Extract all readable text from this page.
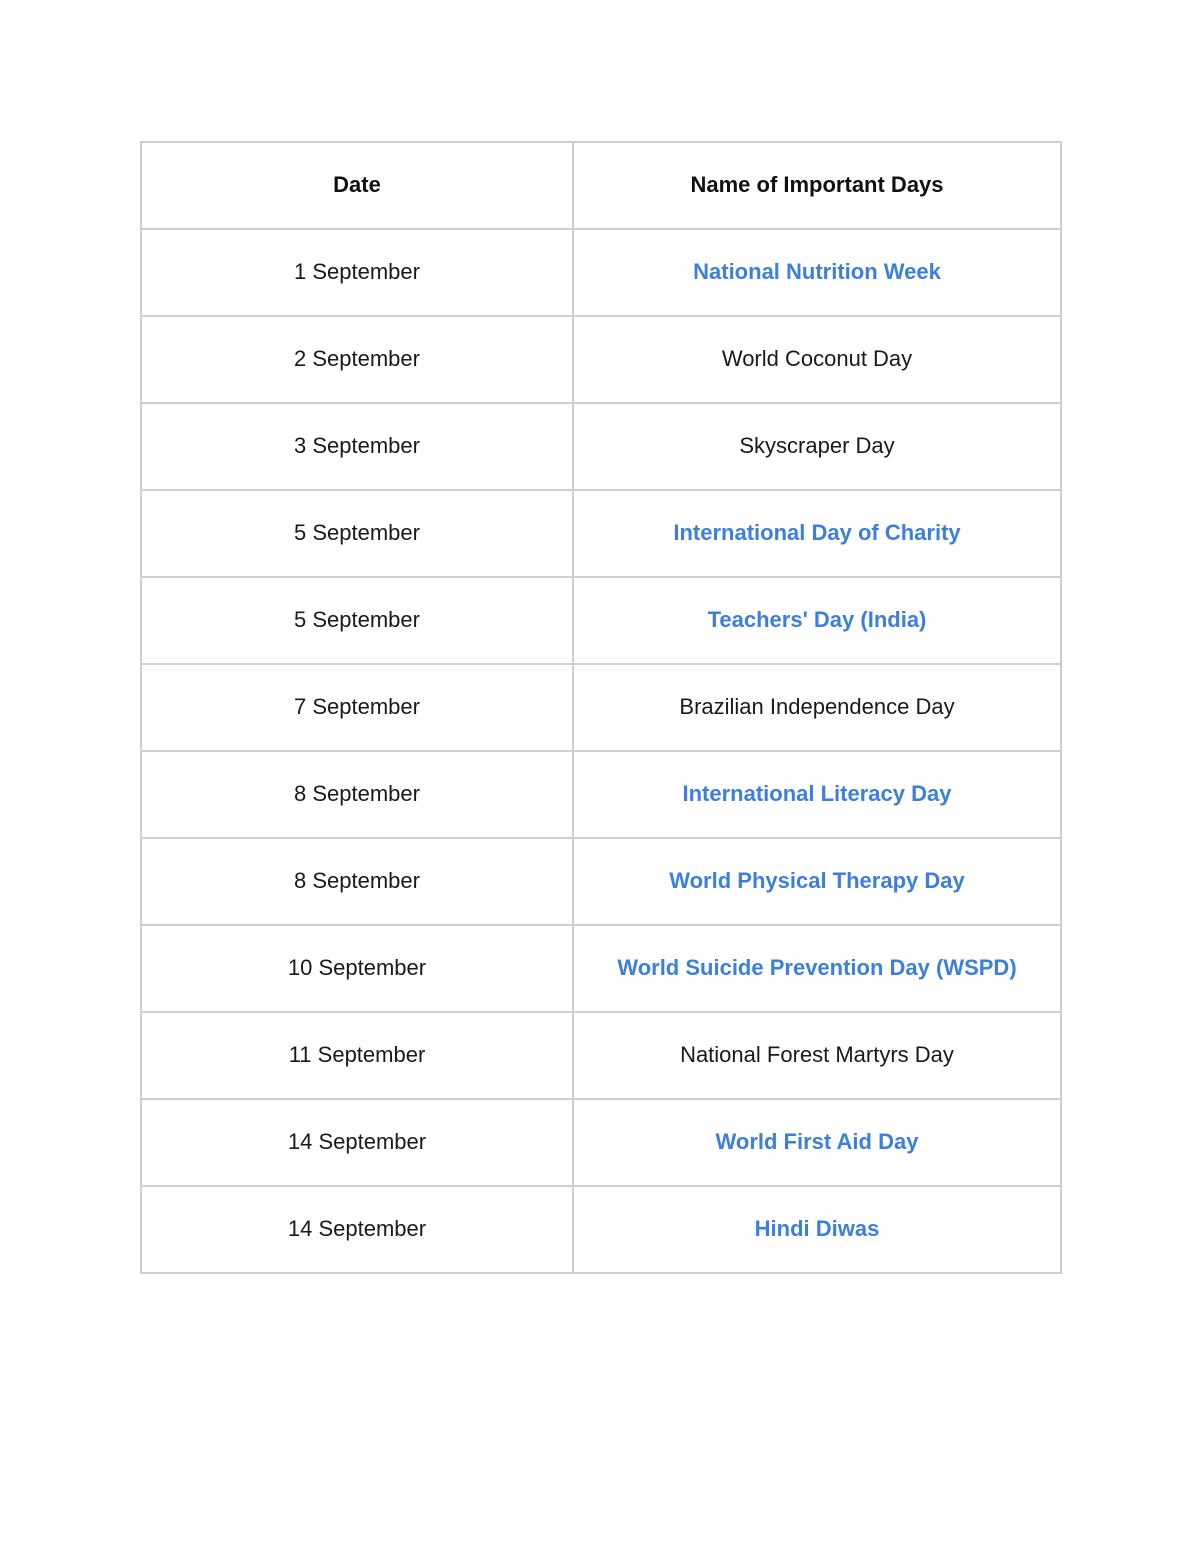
Date	Name of Important Days
1 September	National Nutrition Week
2 September	World Coconut Day
3 September	Skyscraper Day
5 September	International Day of Charity
5 September	Teachers' Day (India)
7 September	Brazilian Independence Day
8 September	International Literacy Day
8 September	World Physical Therapy Day
10 September	World Suicide Prevention Day (WSPD)
11 September	National Forest Martyrs Day
14 September	World First Aid Day
14 September	Hindi Diwas
